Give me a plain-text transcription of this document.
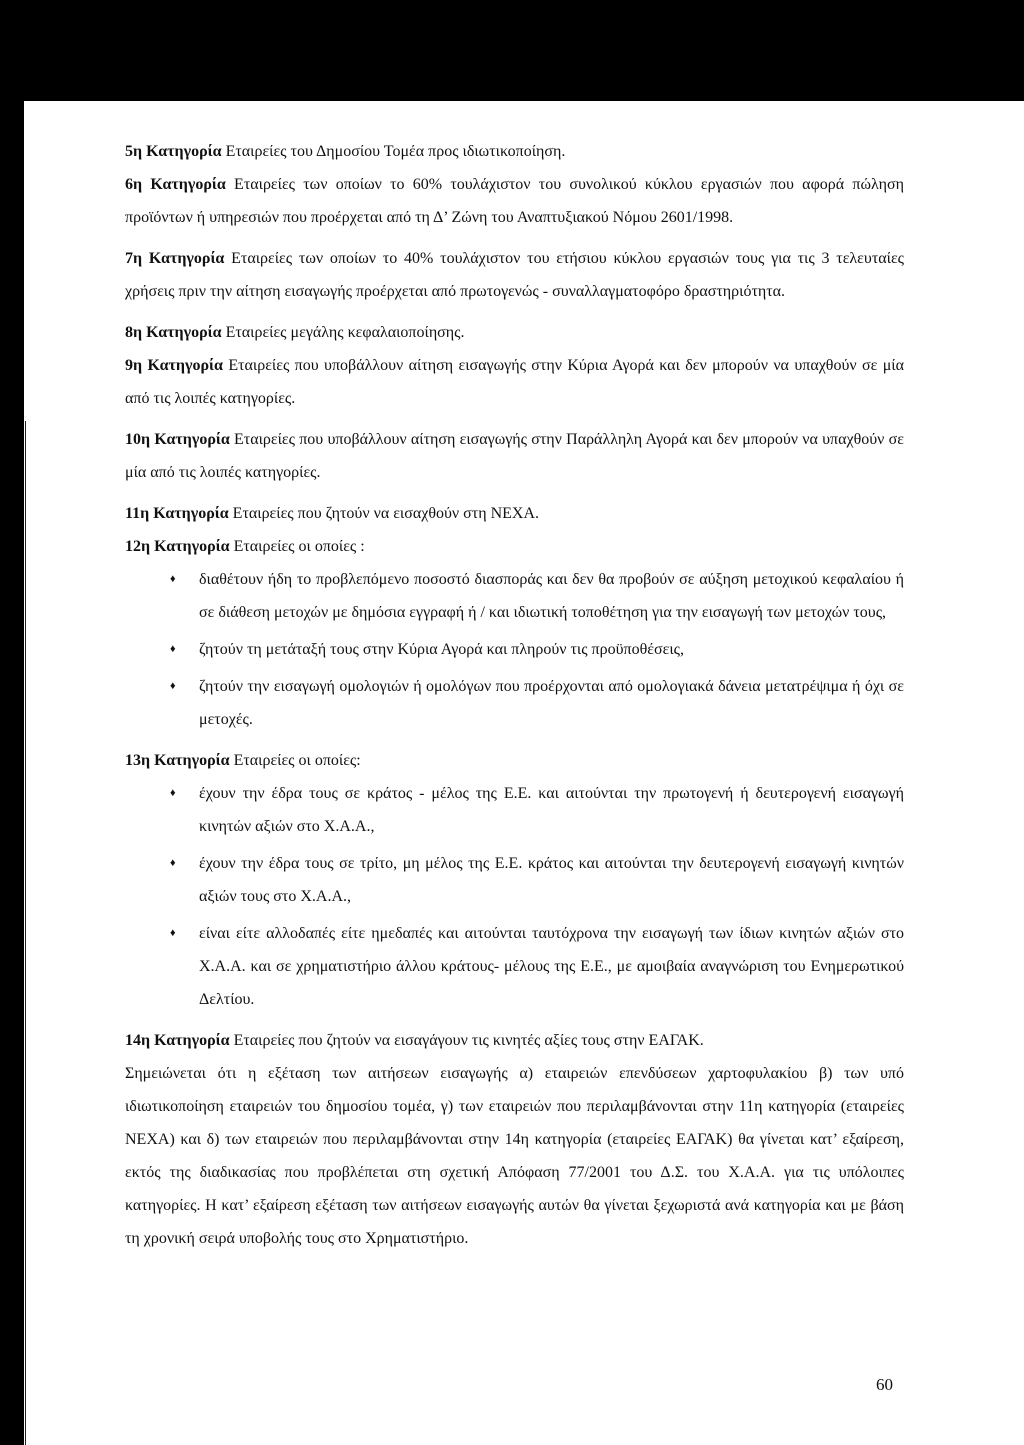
5η Κατηγορία Εταιρείες του Δημοσίου Τομέα προς ιδιωτικοποίηση.

6η Κατηγορία Εταιρείες των οποίων το 60% τουλάχιστον του συνολικού κύκλου εργασιών που αφορά πώληση προϊόντων ή υπηρεσιών που προέρχεται από τη Δ’ Ζώνη του Αναπτυξιακού Νόμου 2601/1998.

7η Κατηγορία Εταιρείες των οποίων το 40% τουλάχιστον του ετήσιου κύκλου εργασιών τους για τις 3 τελευταίες χρήσεις πριν την αίτηση εισαγωγής προέρχεται από πρωτογενώς - συναλλαγματοφόρο δραστηριότητα.

8η Κατηγορία Εταιρείες μεγάλης κεφαλαιοποίησης.

9η Κατηγορία Εταιρείες που υποβάλλουν αίτηση εισαγωγής στην Κύρια Αγορά και δεν μπορούν να υπαχθούν σε μία από τις λοιπές κατηγορίες.

10η Κατηγορία Εταιρείες που υποβάλλουν αίτηση εισαγωγής στην Παράλληλη Αγορά και δεν μπορούν να υπαχθούν σε μία από τις λοιπές κατηγορίες.

11η Κατηγορία Εταιρείες που ζητούν να εισαχθούν στη ΝΕΧΑ.

12η Κατηγορία Εταιρείες οι οποίες :

♦ διαθέτουν ήδη το προβλεπόμενο ποσοστό διασποράς και δεν θα προβούν σε αύξηση μετοχικού κεφαλαίου ή σε διάθεση μετοχών με δημόσια εγγραφή ή / και ιδιωτική τοποθέτηση για την εισαγωγή των μετοχών τους,
♦ ζητούν τη μετάταξή τους στην Κύρια Αγορά και πληρούν τις προϋποθέσεις,
♦ ζητούν την εισαγωγή ομολογιών ή ομολόγων που προέρχονται από ομολογιακά δάνεια μετατρέψιμα ή όχι σε μετοχές.

13η Κατηγορία Εταιρείες οι οποίες:

♦ έχουν την έδρα τους σε κράτος - μέλος της Ε.Ε. και αιτούνται την πρωτογενή ή δευτερογενή εισαγωγή κινητών αξιών στο Χ.Α.Α.,
♦ έχουν την έδρα τους σε τρίτο, μη μέλος της Ε.Ε. κράτος και αιτούνται την δευτερογενή εισαγωγή κινητών αξιών τους στο Χ.Α.Α.,
♦ είναι είτε αλλοδαπές είτε ημεδαπές και αιτούνται ταυτόχρονα την εισαγωγή των ίδιων κινητών αξιών στο Χ.Α.Α. και σε χρηματιστήριο άλλου κράτους- μέλους της Ε.Ε., με αμοιβαία αναγνώριση του Ενημερωτικού Δελτίου.

14η Κατηγορία Εταιρείες που ζητούν να εισαγάγουν τις κινητές αξίες τους στην ΕΑΓΑΚ.

Σημειώνεται ότι η εξέταση των αιτήσεων εισαγωγής α) εταιρειών επενδύσεων χαρτοφυλακίου β) των υπό ιδιωτικοποίηση εταιρειών του δημοσίου τομέα, γ) των εταιρειών που περιλαμβάνονται στην 11η κατηγορία (εταιρείες ΝΕΧΑ) και δ) των εταιρειών που περιλαμβάνονται στην 14η κατηγορία (εταιρείες ΕΑΓΑΚ) θα γίνεται κατ’ εξαίρεση, εκτός της διαδικασίας που προβλέπεται στη σχετική Απόφαση 77/2001 του Δ.Σ. του Χ.Α.Α. για τις υπόλοιπες κατηγορίες. Η κατ’ εξαίρεση εξέταση των αιτήσεων εισαγωγής αυτών θα γίνεται ξεχωριστά ανά κατηγορία και με βάση τη χρονική σειρά υποβολής τους στο Χρηματιστήριο.

60
